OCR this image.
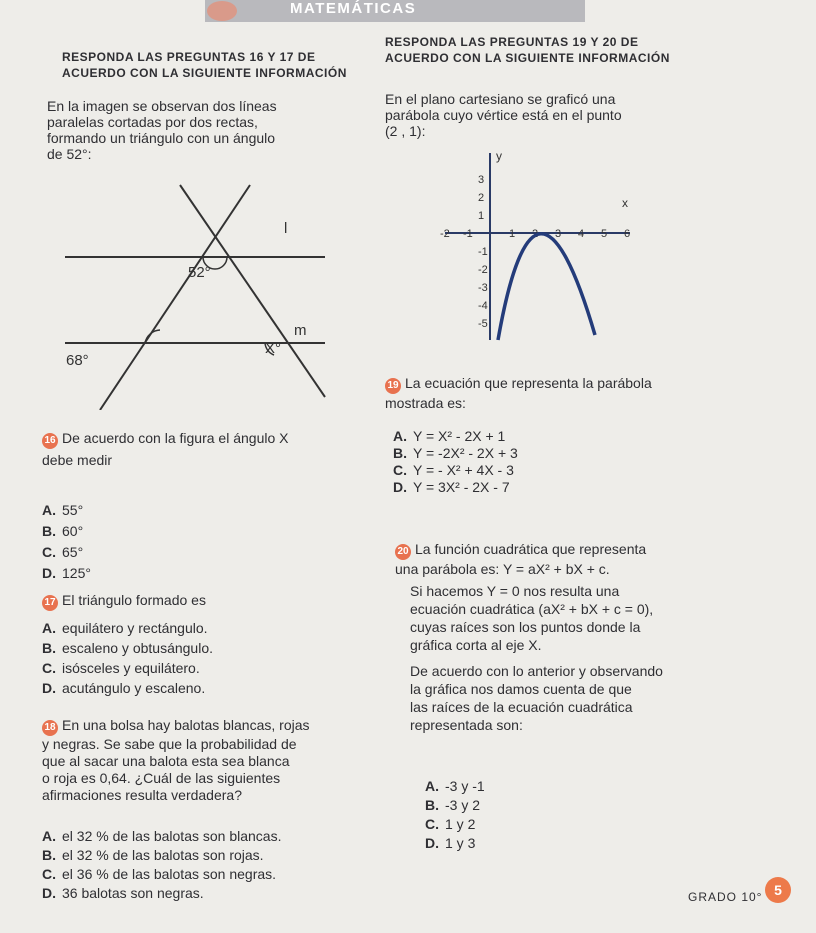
MATEMÁTICAS
RESPONDA LAS PREGUNTAS 16 Y 17 DE
ACUERDO CON LA SIGUIENTE INFORMACIÓN
RESPONDA LAS PREGUNTAS 19 Y 20 DE
ACUERDO CON LA SIGUIENTE INFORMACIÓN
En la imagen se observan dos líneas
paralelas cortadas por dos rectas,
formando un triángulo con un ángulo
de 52°:
l
m
52°
68°
X°
En el plano cartesiano se graficó una
parábola cuyo vértice está en el punto
(2 , 1):
-2 -1	1 2 3 4 5 6
3
2
1
-1
-2
-3
-4
-5
y
x
16 De acuerdo con la figura el ángulo X
debe medir
A. 55°
B. 60°
C. 65°
D. 125°
17 El triángulo formado es
A. equilátero y rectángulo.
B. escaleno y obtusángulo.
C. isósceles y equilátero.
D. acutángulo y escaleno.
18 En una bolsa hay balotas blancas, rojas
y negras. Se sabe que la probabilidad de
que al sacar una balota esta sea blanca
o roja es 0,64. ¿Cuál de las siguientes
afirmaciones resulta verdadera?
A. el 32 % de las balotas son blancas.
B. el 32 % de las balotas son rojas.
C. el 36 % de las balotas son negras.
D. 36 balotas son negras.
19 La ecuación que representa la parábola
mostrada es:
A. Y = X² - 2X + 1
B. Y = -2X² - 2X + 3
C. Y = - X² + 4X - 3
D. Y = 3X² - 2X - 7
20 La función cuadrática que representa
una parábola es: Y = aX² + bX + c.
Si hacemos Y = 0 nos resulta una
ecuación cuadrática (aX² + bX + c = 0),
cuyas raíces son los puntos donde la
gráfica corta al eje X.
De acuerdo con lo anterior y observando
la gráfica nos damos cuenta de que
las raíces de la ecuación cuadrática
representada son:
A. -3 y -1
B. -3 y 2
C. 1 y 2
D. 1 y 3
GRADO 10° 5
